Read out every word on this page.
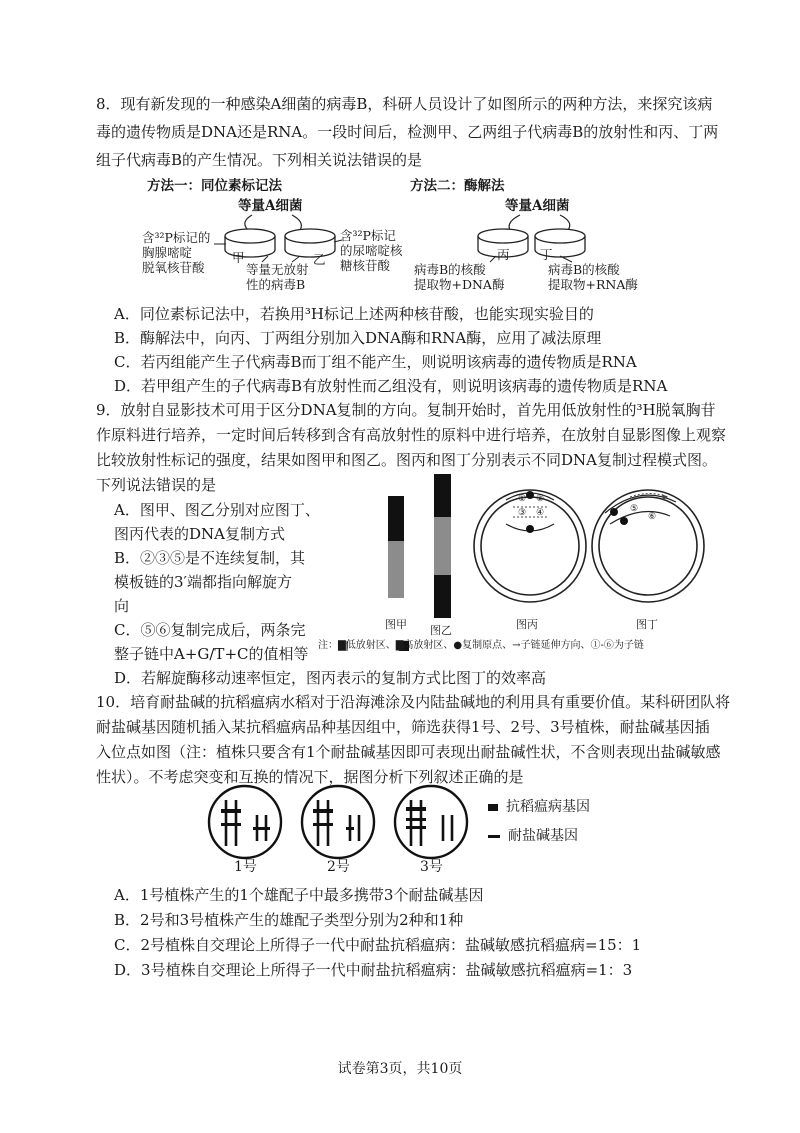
8．现有新发现的一种感染A细菌的病毒B，科研人员设计了如图所示的两种方法，来探究该病
毒的遗传物质是DNA还是RNA。一段时间后，检测甲、乙两组子代病毒B的放射性和丙、丁两
组子代病毒B的产生情况。下列相关说法错误的是
方法一：同位素标记法	方法二：酶解法
等量A细菌	等量A细菌
含³²P标记的
胸腺嘧啶
脱氧核苷酸
含³²P标记
的尿嘧啶核
糖核苷酸
甲	乙
等量无放射
性的病毒B
丙 丁
病毒B的核酸
提取物+DNA酶
病毒B的核酸
提取物+RNA酶
A．同位素标记法中，若换用³H标记上述两种核苷酸，也能实现实验目的
B．酶解法中，向丙、丁两组分别加入DNA酶和RNA酶，应用了减法原理
C．若丙组能产生子代病毒B而丁组不能产生，则说明该病毒的遗传物质是RNA
D．若甲组产生的子代病毒B有放射性而乙组没有，则说明该病毒的遗传物质是RNA
9．放射自显影技术可用于区分DNA复制的方向。复制开始时，首先用低放射性的³H脱氧胸苷
作原料进行培养，一定时间后转移到含有高放射性的原料中进行培养，在放射自显影图像上观察
比较放射性标记的强度，结果如图甲和图乙。图丙和图丁分别表示不同DNA复制过程模式图。
下列说法错误的是
A．图甲、图乙分别对应图丁、
图丙代表的DNA复制方式
B．②③⑤是不连续复制，其
模板链的3′端都指向解旋方
向
C．⑤⑥复制完成后，两条完
整子链中A+G/T+C的值相等
D．若解旋酶移动速率恒定，图丙表示的复制方式比图丁的效率高
① ②
③ ④	⑤
⑥
图甲 图乙	图丙	图丁
注：▇低放射区、▇高放射区、●复制原点、→子链延伸方向、①-⑥为子链
10．培育耐盐碱的抗稻瘟病水稻对于沿海滩涂及内陆盐碱地的利用具有重要价值。某科研团队将
耐盐碱基因随机插入某抗稻瘟病品种基因组中，筛选获得1号、2号、3号植株，耐盐碱基因插
入位点如图（注：植株只要含有1个耐盐碱基因即可表现出耐盐碱性状，不含则表现出盐碱敏感
性状）。不考虑突变和互换的情况下，据图分析下列叙述正确的是
1号	2号	3号
抗稻瘟病基因
耐盐碱基因
A．1号植株产生的1个雄配子中最多携带3个耐盐碱基因
B．2号和3号植株产生的雄配子类型分别为2种和1种
C．2号植株自交理论上所得子一代中耐盐抗稻瘟病：盐碱敏感抗稻瘟病=15：1
D．3号植株自交理论上所得子一代中耐盐抗稻瘟病：盐碱敏感抗稻瘟病=1：3
试卷第3页，共10页
